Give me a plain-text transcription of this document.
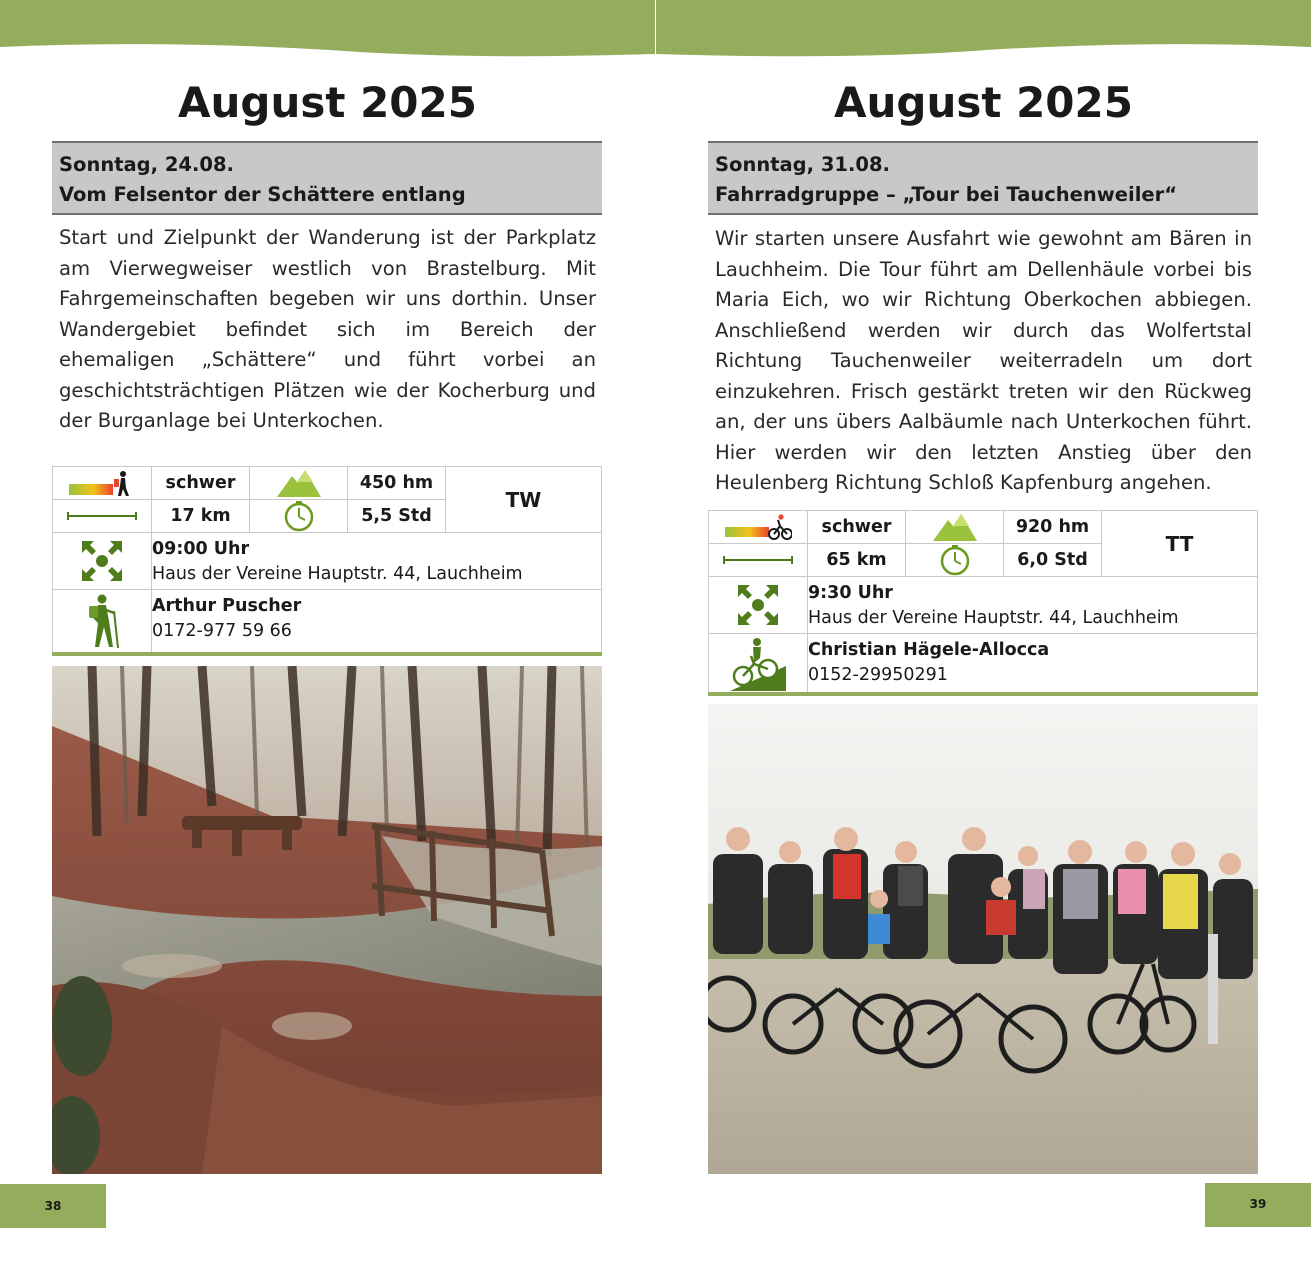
August 2025
Sonntag, 24.08.
Vom Felsentor der Schättere entlang
Start und Zielpunkt der Wanderung ist der Parkplatz am Vierwegweiser westlich von Brastelburg. Mit Fahrgemeinschaften begeben wir uns dorthin. Unser Wandergebiet befindet sich im Bereich der ehemaligen „Schättere“ und führt vorbei an geschichtsträchtigen Plätzen wie der Kocherburg und der Burganlage bei Unterkochen.
schwer	450 hm
TW
17 km	5,5 Std
09:00 Uhr
Haus der Vereine Hauptstr. 44, Lauchheim
Arthur Puscher
0172-977 59 66
38
August 2025
Sonntag, 31.08.
Fahrradgruppe – „Tour bei Tauchenweiler“
Wir starten unsere Ausfahrt wie gewohnt am Bären in Lauchheim. Die Tour führt am Dellenhäule vorbei bis Maria Eich, wo wir Richtung Oberkochen abbiegen. Anschließend werden wir durch das Wolfertstal Richtung Tauchenweiler weiterradeln um dort einzukehren. Frisch gestärkt treten wir den Rückweg an, der uns übers Aalbäumle nach Unterkochen führt. Hier werden wir den letzten Anstieg über den Heulenberg Richtung Schloß Kapfenburg angehen.
schwer	920 hm
TT
65 km	6,0 Std
9:30 Uhr
Haus der Vereine Hauptstr. 44, Lauchheim
Christian Hägele-Allocca
0152-29950291
39
